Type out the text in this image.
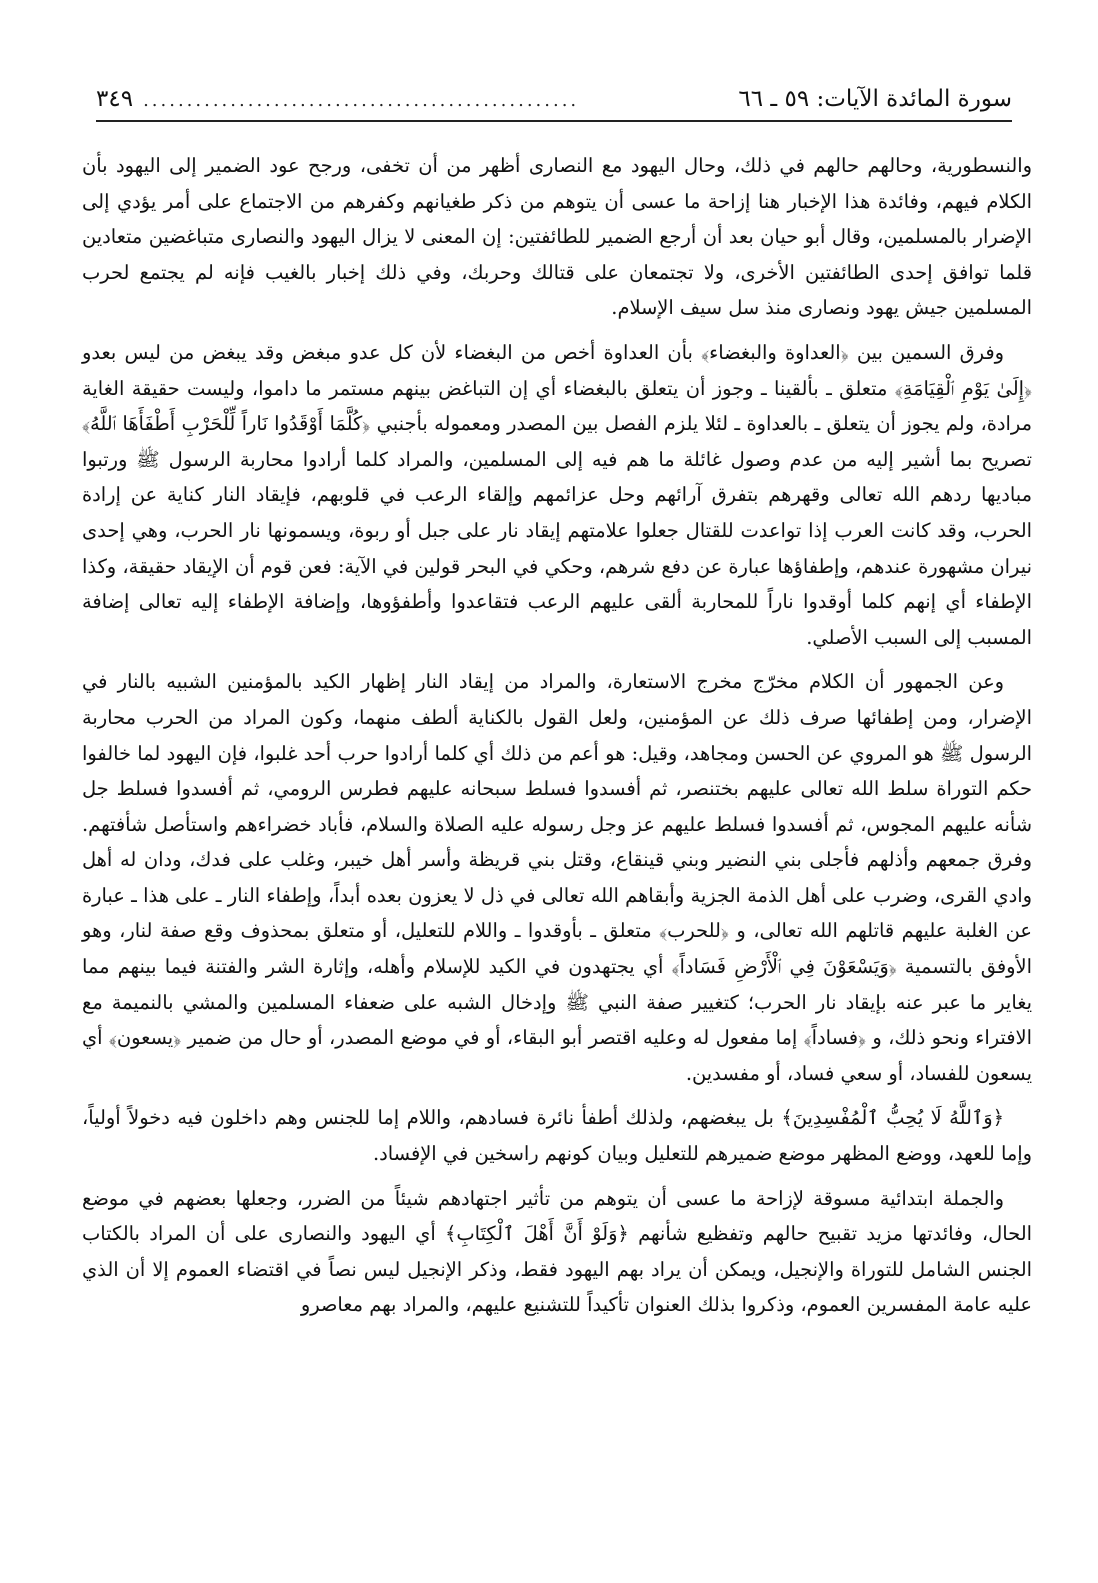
سورة المائدة الآيات: ٥٩ ـ ٦٦
..................................................
٣٤٩

والنسطورية، وحالهم حالهم في ذلك، وحال اليهود مع النصارى أظهر من أن تخفى، ورجح عود الضمير إلى اليهود بأن الكلام فيهم، وفائدة هذا الإخبار هنا إزاحة ما عسى أن يتوهم من ذكر طغيانهم وكفرهم من الاجتماع على أمر يؤدي إلى الإضرار بالمسلمين، وقال أبو حيان بعد أن أرجع الضمير للطائفتين: إن المعنى لا يزال اليهود والنصارى متباغضين متعادين قلما توافق إحدى الطائفتين الأخرى، ولا تجتمعان على قتالك وحربك، وفي ذلك إخبار بالغيب فإنه لم يجتمع لحرب المسلمين جيش يهود ونصارى منذ سل سيف الإسلام.

وفرق السمين بين ﴿العداوة والبغضاء﴾ بأن العداوة أخص من البغضاء لأن كل عدو مبغض وقد يبغض من ليس بعدو ﴿إِلَىٰ يَوْمِ ٱلْقِيَامَةِ﴾ متعلق ـ بألقينا ـ وجوز أن يتعلق بالبغضاء أي إن التباغض بينهم مستمر ما داموا، وليست حقيقة الغاية مرادة، ولم يجوز أن يتعلق ـ بالعداوة ـ لئلا يلزم الفصل بين المصدر ومعموله بأجنبي ﴿كُلَّمَا أَوْقَدُوا نَاراً لِّلْحَرْبِ أَطْفَأَهَا ٱللَّهُ﴾ تصريح بما أشير إليه من عدم وصول غائلة ما هم فيه إلى المسلمين، والمراد كلما أرادوا محاربة الرسول ﷺ ورتبوا مباديها ردهم الله تعالى وقهرهم بتفرق آرائهم وحل عزائمهم وإلقاء الرعب في قلوبهم، فإيقاد النار كناية عن إرادة الحرب، وقد كانت العرب إذا تواعدت للقتال جعلوا علامتهم إيقاد نار على جبل أو ربوة، ويسمونها نار الحرب، وهي إحدى نيران مشهورة عندهم، وإطفاؤها عبارة عن دفع شرهم، وحكي في البحر قولين في الآية: فعن قوم أن الإيقاد حقيقة، وكذا الإطفاء أي إنهم كلما أوقدوا ناراً للمحاربة ألقى عليهم الرعب فتقاعدوا وأطفؤوها، وإضافة الإطفاء إليه تعالى إضافة المسبب إلى السبب الأصلي.

وعن الجمهور أن الكلام مخرّج مخرج الاستعارة، والمراد من إيقاد النار إظهار الكيد بالمؤمنين الشبيه بالنار في الإضرار، ومن إطفائها صرف ذلك عن المؤمنين، ولعل القول بالكناية ألطف منهما، وكون المراد من الحرب محاربة الرسول ﷺ هو المروي عن الحسن ومجاهد، وقيل: هو أعم من ذلك أي كلما أرادوا حرب أحد غلبوا، فإن اليهود لما خالفوا حكم التوراة سلط الله تعالى عليهم بختنصر، ثم أفسدوا فسلط سبحانه عليهم فطرس الرومي، ثم أفسدوا فسلط جل شأنه عليهم المجوس، ثم أفسدوا فسلط عليهم عز وجل رسوله عليه الصلاة والسلام، فأباد خضراءهم واستأصل شأفتهم. وفرق جمعهم وأذلهم فأجلى بني النضير وبني قينقاع، وقتل بني قريظة وأسر أهل خيبر، وغلب على فدك، ودان له أهل وادي القرى، وضرب على أهل الذمة الجزية وأبقاهم الله تعالى في ذل لا يعزون بعده أبداً، وإطفاء النار ـ على هذا ـ عبارة عن الغلبة عليهم قاتلهم الله تعالى، و ﴿للحرب﴾ متعلق ـ بأوقدوا ـ واللام للتعليل، أو متعلق بمحذوف وقع صفة لنار، وهو الأوفق بالتسمية ﴿وَيَسْعَوْنَ فِي ٱلْأَرْضِ فَسَاداً﴾ أي يجتهدون في الكيد للإسلام وأهله، وإثارة الشر والفتنة فيما بينهم مما يغاير ما عبر عنه بإيقاد نار الحرب؛ كتغيير صفة النبي ﷺ وإدخال الشبه على ضعفاء المسلمين والمشي بالنميمة مع الافتراء ونحو ذلك، و ﴿فساداً﴾ إما مفعول له وعليه اقتصر أبو البقاء، أو في موضع المصدر، أو حال من ضمير ﴿يسعون﴾ أي يسعون للفساد، أو سعي فساد، أو مفسدين.

﴿وَٱللَّهُ لَا يُحِبُّ ٱلْمُفْسِدِينَ﴾ بل يبغضهم، ولذلك أطفأ نائرة فسادهم، واللام إما للجنس وهم داخلون فيه دخولاً أولياً، وإما للعهد، ووضع المظهر موضع ضميرهم للتعليل وبيان كونهم راسخين في الإفساد.

والجملة ابتدائية مسوقة لإزاحة ما عسى أن يتوهم من تأثير اجتهادهم شيئاً من الضرر، وجعلها بعضهم في موضع الحال، وفائدتها مزيد تقبيح حالهم وتفظيع شأنهم ﴿وَلَوْ أَنَّ أَهْلَ ٱلْكِتَابِ﴾ أي اليهود والنصارى على أن المراد بالكتاب الجنس الشامل للتوراة والإنجيل، ويمكن أن يراد بهم اليهود فقط، وذكر الإنجيل ليس نصاً في اقتضاء العموم إلا أن الذي عليه عامة المفسرين العموم، وذكروا بذلك العنوان تأكيداً للتشنيع عليهم، والمراد بهم معاصرو
